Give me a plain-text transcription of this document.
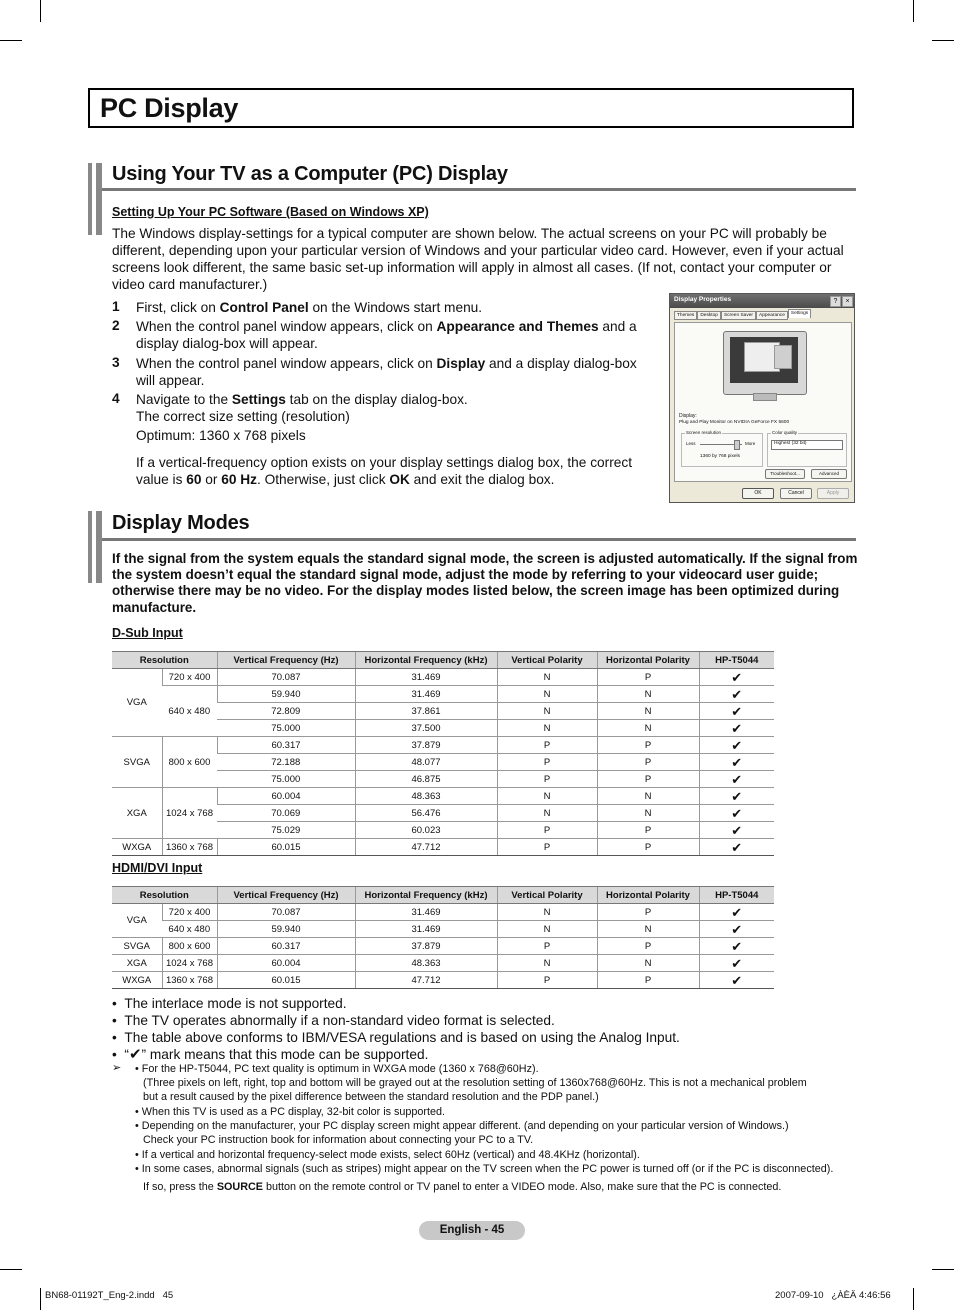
PC Display
Using Your TV as a Computer (PC) Display
Setting Up Your PC Software (Based on Windows XP)
The Windows display-settings for a typical computer are shown below. The actual screens on your PC will probably be different, depending upon your particular version of Windows and your particular video card. However, even if your actual screens look different, the same basic set-up information will apply in almost all cases. (If not, contact your computer or video card manufacturer.)
1 First, click on Control Panel on the Windows start menu.
2 When the control panel window appears, click on Appearance and Themes and a display dialog-box will appear.
3 When the control panel window appears, click on Display and a display dialog-box will appear.
4 Navigate to the Settings tab on the display dialog-box.
The correct size setting (resolution)
Optimum: 1360 x 768 pixels
If a vertical-frequency option exists on your display settings dialog box, the correct value is 60 or 60 Hz. Otherwise, just click OK and exit the dialog box.
Display Properties	?	×
Themes Desktop Screen Saver Appearance Settings
Display:
Plug and Play Monitor on NVIDIA GeForce FX 5600
Screen resolution
Less	More
1360 by 768 pixels
Color quality
Highest (32 bit)
Troubleshoot...	Advanced
OK	Cancel	Apply
Display Modes
If the signal from the system equals the standard signal mode, the screen is adjusted automatically. If the signal from the system doesn’t equal the standard signal mode, adjust the mode by referring to your videocard user guide; otherwise there may be no video. For the display modes listed below, the screen image has been optimized during manufacture.
D-Sub Input
Resolution		Vertical Frequency (Hz)	Horizontal Frequency (kHz)	Vertical Polarity	Horizontal Polarity	HP-T5044
VGA	720 x 400	70.087	31.469	N	P	✔
	640 x 480	59.940	31.469	N	N	✔
		72.809	37.861	N	N	✔
		75.000	37.500	N	N	✔
SVGA	800 x 600	60.317	37.879	P	P	✔
		72.188	48.077	P	P	✔
		75.000	46.875	P	P	✔
XGA	1024 x 768	60.004	48.363	N	N	✔
		70.069	56.476	N	N	✔
		75.029	60.023	P	P	✔
WXGA	1360 x 768	60.015	47.712	P	P	✔
HDMI/DVI Input
Resolution		Vertical Frequency (Hz)	Horizontal Frequency (kHz)	Vertical Polarity	Horizontal Polarity	HP-T5044
VGA	720 x 400	70.087	31.469	N	P	✔
	640 x 480	59.940	31.469	N	N	✔
SVGA	800 x 600	60.317	37.879	P	P	✔
XGA	1024 x 768	60.004	48.363	N	N	✔
WXGA	1360 x 768	60.015	47.712	P	P	✔
•  The interlace mode is not supported.
•  The TV operates abnormally if a non-standard video format is selected.
•  The table above conforms to IBM/VESA regulations and is based on using the Analog Input.
•  “✔” mark means that this mode can be supported.
➢ • For the HP-T5044, PC text quality is optimum in WXGA mode (1360 x 768@60Hz).
(Three pixels on left, right, top and bottom will be grayed out at the resolution setting of 1360x768@60Hz. This is not a mechanical problem
but a result caused by the pixel difference between the standard resolution and the PDP panel.)
• When this TV is used as a PC display, 32-bit color is supported.
• Depending on the manufacturer, your PC display screen might appear different. (and depending on your particular version of Windows.)
Check your PC instruction book for information about connecting your PC to a TV.
• If a vertical and horizontal frequency-select mode exists, select 60Hz (vertical) and 48.4KHz (horizontal).
• In some cases, abnormal signals (such as stripes) might appear on the TV screen when the PC power is turned off (or if the PC is disconnected).
If so, press the SOURCE button on the remote control or TV panel to enter a VIDEO mode. Also, make sure that the PC is connected.
English - 45
BN68-01192T_Eng-2.indd   45	2007-09-10   ¿ÀÈÄ 4:46:56
